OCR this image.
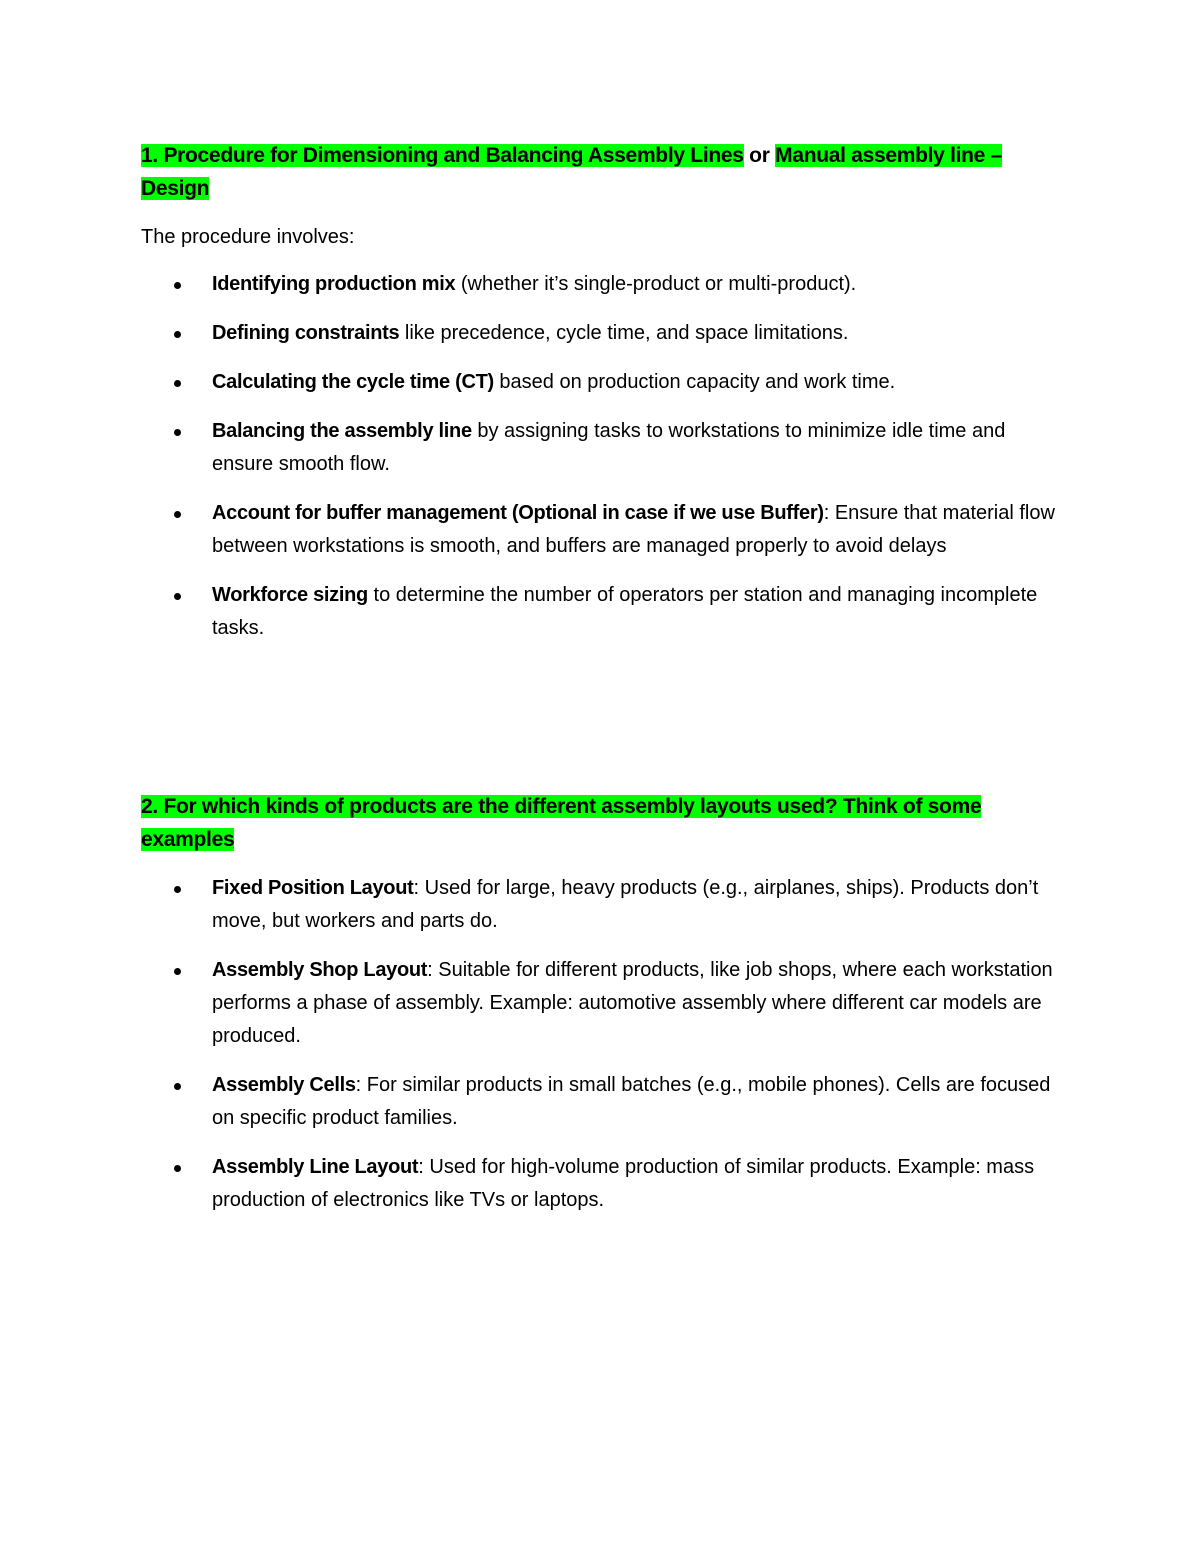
1. Procedure for Dimensioning and Balancing Assembly Lines or Manual assembly line – Design

The procedure involves:

Identifying production mix (whether it’s single-product or multi-product).
Defining constraints like precedence, cycle time, and space limitations.
Calculating the cycle time (CT) based on production capacity and work time.
Balancing the assembly line by assigning tasks to workstations to minimize idle time and ensure smooth flow.
Account for buffer management (Optional in case if we use Buffer): Ensure that material flow between workstations is smooth, and buffers are managed properly to avoid delays
Workforce sizing to determine the number of operators per station and managing incomplete tasks.

2. For which kinds of products are the different assembly layouts used? Think of some examples

Fixed Position Layout: Used for large, heavy products (e.g., airplanes, ships). Products don’t move, but workers and parts do.
Assembly Shop Layout: Suitable for different products, like job shops, where each workstation performs a phase of assembly. Example: automotive assembly where different car models are produced.
Assembly Cells: For similar products in small batches (e.g., mobile phones). Cells are focused on specific product families.
Assembly Line Layout: Used for high-volume production of similar products. Example: mass production of electronics like TVs or laptops.
